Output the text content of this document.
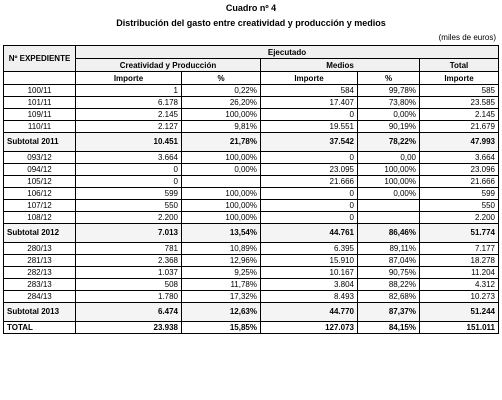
Cuadro nº 4
Distribución del gasto entre creatividad y producción y medios
(miles de euros)
Nº EXPEDIENTE	Ejecutado				
	Creatividad y Producción		Medios		Total
	Importe	%	Importe	%	Importe
100/11	1	0,22%	584	99,78%	585
101/11	6.178	26,20%	17.407	73,80%	23.585
109/11	2.145	100,00%	0	0,00%	2.145
110/11	2.127	9,81%	19.551	90,19%	21.679
Subtotal 2011	10.451	21,78%	37.542	78,22%	47.993
093/12	3.664	100,00%	0	0,00	3.664
094/12	0	0,00%	23.095	100,00%	23.096
105/12	0		21.666	100,00%	21.666
106/12	599	100,00%	0	0,00%	599
107/12	550	100,00%	0		550
108/12	2.200	100,00%	0		2.200
Subtotal 2012	7.013	13,54%	44.761	86,46%	51.774
280/13	781	10,89%	6.395	89,11%	7.177
281/13	2.368	12,96%	15.910	87,04%	18.278
282/13	1.037	9,25%	10.167	90,75%	11.204
283/13	508	11,78%	3.804	88,22%	4.312
284/13	1.780	17,32%	8.493	82,68%	10.273
Subtotal 2013	6.474	12,63%	44.770	87,37%	51.244
TOTAL	23.938	15,85%	127.073	84,15%	151.011
